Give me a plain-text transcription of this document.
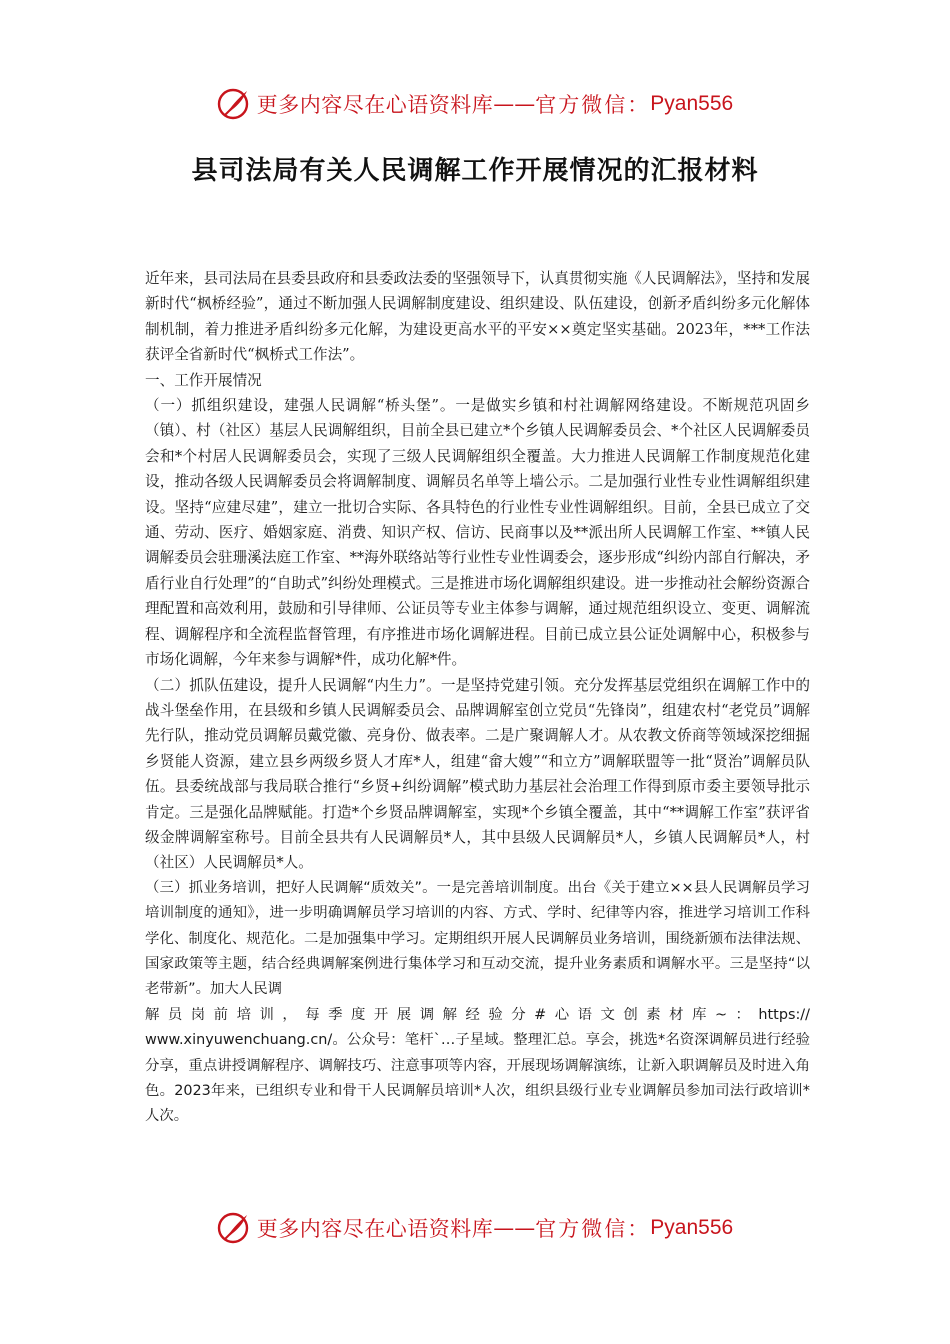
更多内容尽在心语资料库 —— 官方微信： Pyan556
县司法局有关人民调解工作开展情况的汇报材料

近年来，县司法局在县委县政府和县委政法委的坚强领导下，认真贯彻实施《人民调解法》，坚持和发展新时代“枫桥经验”，通过不断加强人民调解制度建设、组织建设、队伍建设，创新矛盾纠纷多元化解体制机制，着力推进矛盾纠纷多元化解，为建设更高水平的平安××奠定坚实基础。2023年，***工作法获评全省新时代“枫桥式工作法”。

一、工作开展情况

（一）抓组织建设，建强人民调解“桥头堡”。一是做实乡镇和村社调解网络建设。不断规范巩固乡（镇）、村（社区）基层人民调解组织，目前全县已建立*个乡镇人民调解委员会、*个社区人民调解委员会和*个村居人民调解委员会，实现了三级人民调解组织全覆盖。大力推进人民调解工作制度规范化建设，推动各级人民调解委员会将调解制度、调解员名单等上墙公示。二是加强行业性专业性调解组织建设。坚持“应建尽建”，建立一批切合实际、各具特色的行业性专业性调解组织。目前，全县已成立了交通、劳动、医疗、婚姻家庭、消费、知识产权、信访、民商事以及**派出所人民调解工作室、**镇人民调解委员会驻珊溪法庭工作室、**海外联络站等行业性专业性调委会，逐步形成“纠纷内部自行解决，矛盾行业自行处理”的“自助式”纠纷处理模式。三是推进市场化调解组织建设。进一步推动社会解纷资源合理配置和高效利用，鼓励和引导律师、公证员等专业主体参与调解，通过规范组织设立、变更、调解流程、调解程序和全流程监督管理，有序推进市场化调解进程。目前已成立县公证处调解中心，积极参与市场化调解，今年来参与调解*件，成功化解*件。

（二）抓队伍建设，提升人民调解“内生力”。一是坚持党建引领。充分发挥基层党组织在调解工作中的战斗堡垒作用，在县级和乡镇人民调解委员会、品牌调解室创立党员“先锋岗”，组建农村“老党员”调解先行队，推动党员调解员戴党徽、亮身份、做表率。二是广聚调解人才。从农教文侨商等领域深挖细掘乡贤能人资源，建立县乡两级乡贤人才库*人，组建“畲大嫂”“和立方”调解联盟等一批“贤治”调解员队伍。县委统战部与我局联合推行“乡贤+纠纷调解”模式助力基层社会治理工作得到原市委主要领导批示肯定。三是强化品牌赋能。打造*个乡贤品牌调解室，实现*个乡镇全覆盖，其中“**调解工作室”获评省级金牌调解室称号。目前全县共有人民调解员*人，其中县级人民调解员*人，乡镇人民调解员*人，村（社区）人民调解员*人。

（三）抓业务培训，把好人民调解“质效关”。一是完善培训制度。出台《关于建立××县人民调解员学习培训制度的通知》，进一步明确调解员学习培训的内容、方式、学时、纪律等内容，推进学习培训工作科学化、制度化、规范化。二是加强集中学习。定期组织开展人民调解员业务培训，围绕新颁布法律法规、国家政策等主题，结合经典调解案例进行集体学习和互动交流，提升业务素质和调解水平。三是坚持“以老带新”。加大人民调

解员岗前培训，每季度开展调解经验分#心语文创素材库~：https://

www.xinyuwenchuang.cn/。公众号：笔杆`…子星域。整理汇总。享会，挑选*名资深调解员进行经验分享，重点讲授调解程序、调解技巧、注意事项等内容，开展现场调解演练，让新入职调解员及时进入角色。2023年来，已组织专业和骨干人民调解员培训*人次，组织县级行业专业调解员参加司法行政培训*人次。

更多内容尽在心语资料库 —— 官方微信： Pyan556
